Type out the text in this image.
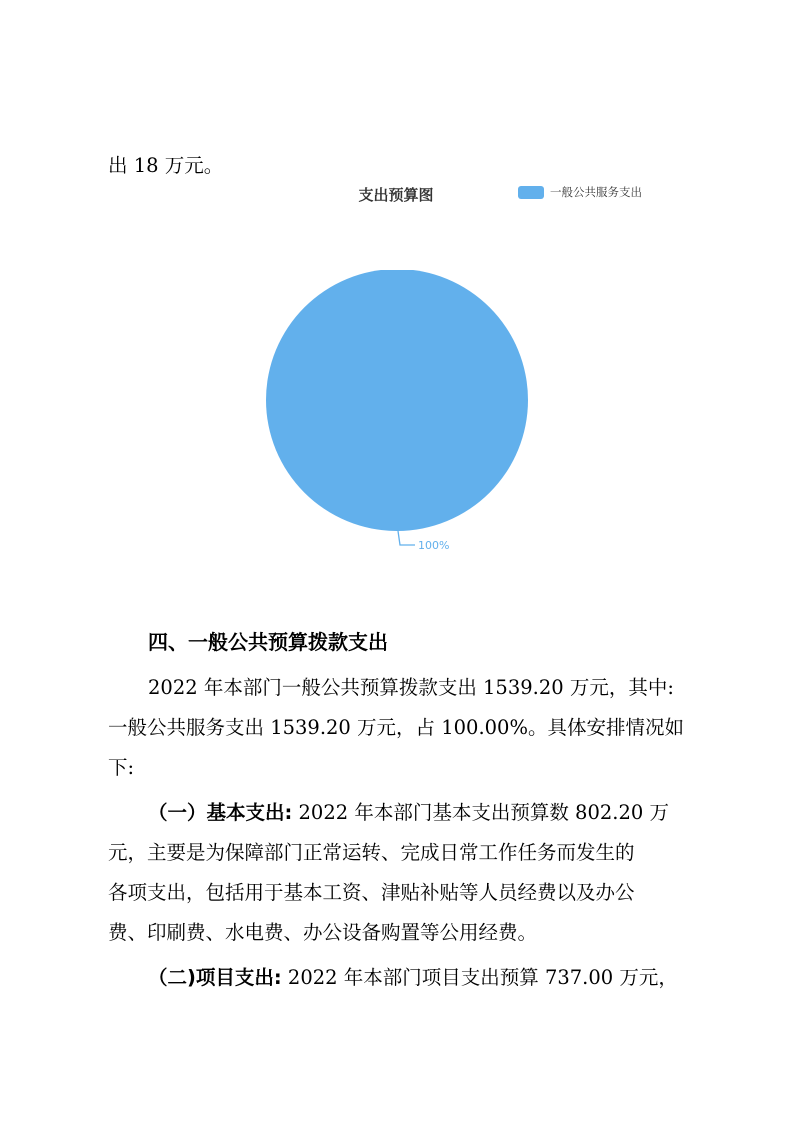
出 18 万元。

支出预算图	一般公共服务支出
100%
四、一般公共预算拨款支出

2022 年本部门一般公共预算拨款支出 1539.20 万元，其中:

一般公共服务支出 1539.20 万元，占 100.00%。具体安排情况如

下:

（一）基本支出: 2022 年本部门基本支出预算数 802.20 万

元，主要是为保障部门正常运转、完成日常工作任务而发生的

各项支出，包括用于基本工资、津贴补贴等人员经费以及办公

费、印刷费、水电费、办公设备购置等公用经费。

（二)项目支出: 2022 年本部门项目支出预算 737.00 万元，
